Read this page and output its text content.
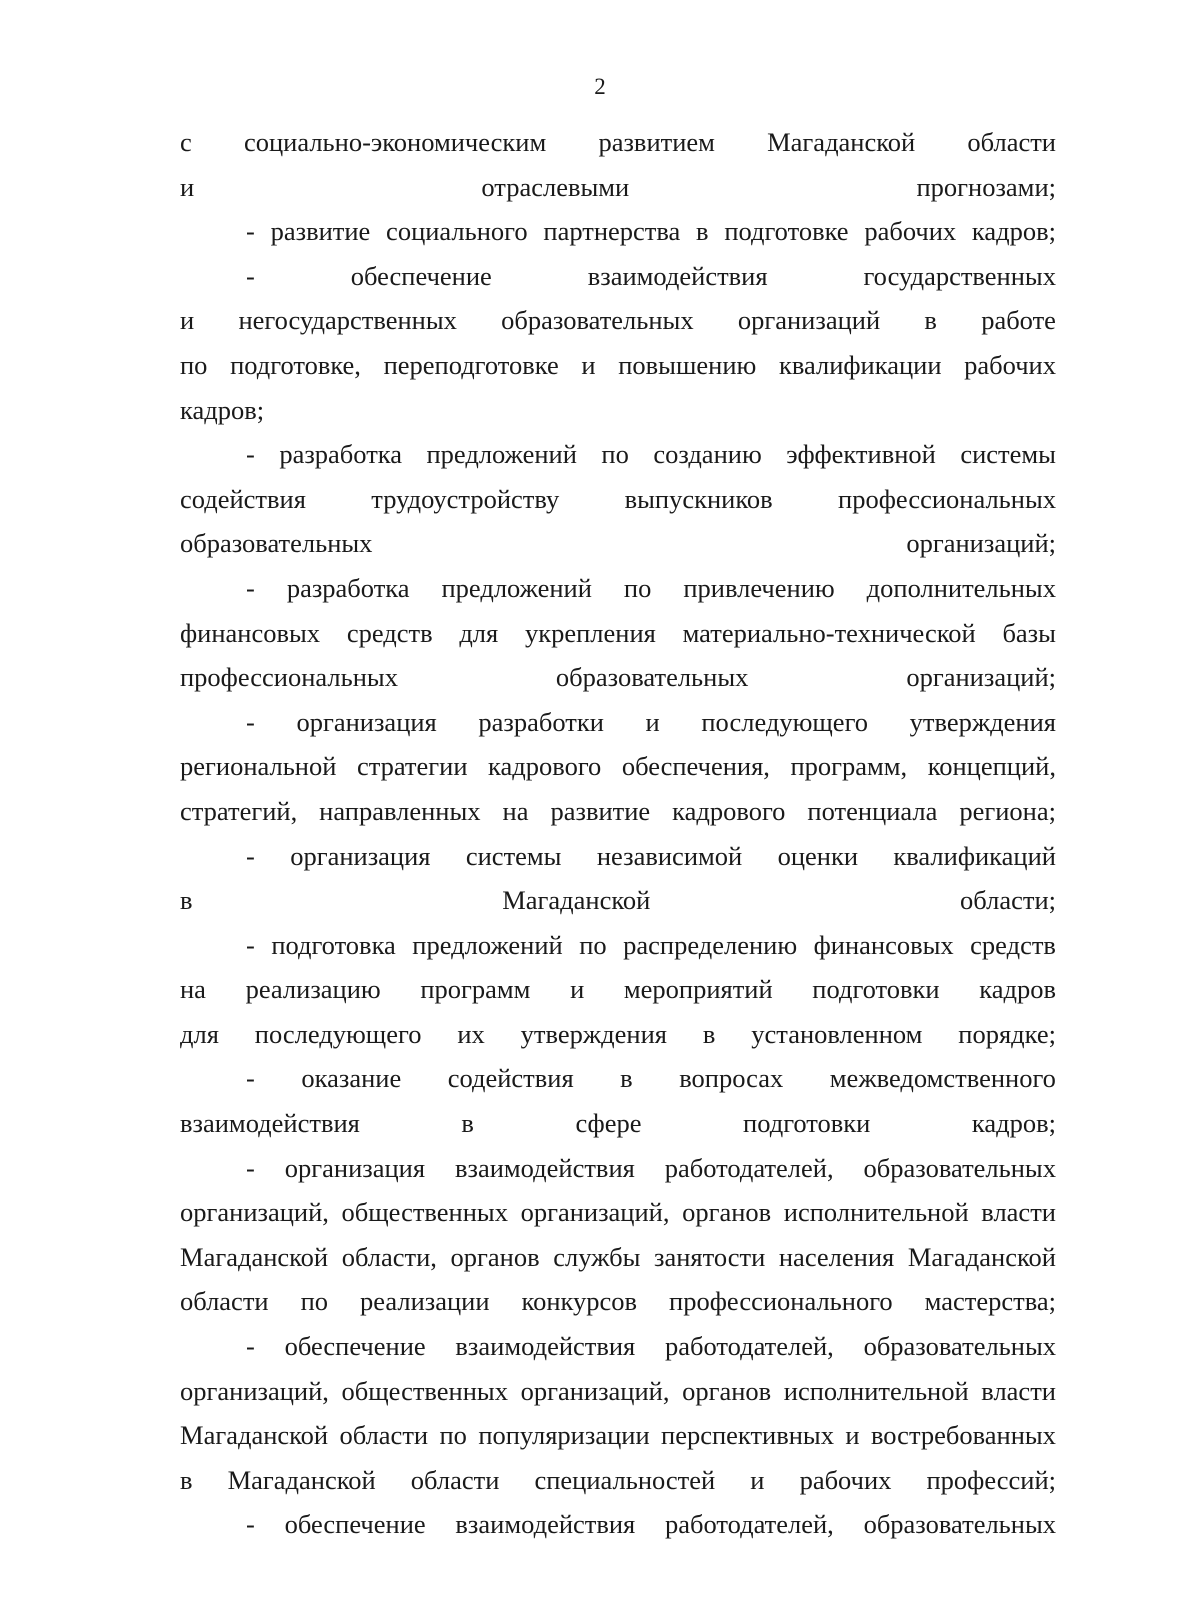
2
с социально-экономическим развитием Магаданской области
и отраслевыми прогнозами;
- развитие социального партнерства в подготовке рабочих кадров;
-	обеспечение	взаимодействия	государственных
и негосударственных образовательных организаций в работе
по подготовке, переподготовке и повышению квалификации рабочих
кадров;
- разработка предложений по созданию эффективной системы
содействия трудоустройству выпускников профессиональных
образовательных организаций;
- разработка предложений по привлечению дополнительных
финансовых средств для укрепления материально-технической базы
профессиональных образовательных организаций;
- организация разработки и последующего утверждения
региональной стратегии кадрового обеспечения, программ, концепций,
стратегий, направленных на развитие кадрового потенциала региона;
- организация системы независимой оценки квалификаций
в Магаданской области;
- подготовка предложений по распределению финансовых средств
на реализацию программ и мероприятий подготовки кадров
для последующего их утверждения в установленном порядке;
- оказание содействия в вопросах межведомственного
взаимодействия в сфере подготовки кадров;
- организация взаимодействия работодателей, образовательных
организаций, общественных организаций, органов исполнительной власти
Магаданской области, органов службы занятости населения Магаданской
области по реализации конкурсов профессионального мастерства;
- обеспечение взаимодействия работодателей, образовательных
организаций, общественных организаций, органов исполнительной власти
Магаданской области по популяризации перспективных и востребованных
в Магаданской области специальностей и рабочих профессий;
- обеспечение взаимодействия работодателей, образовательных
